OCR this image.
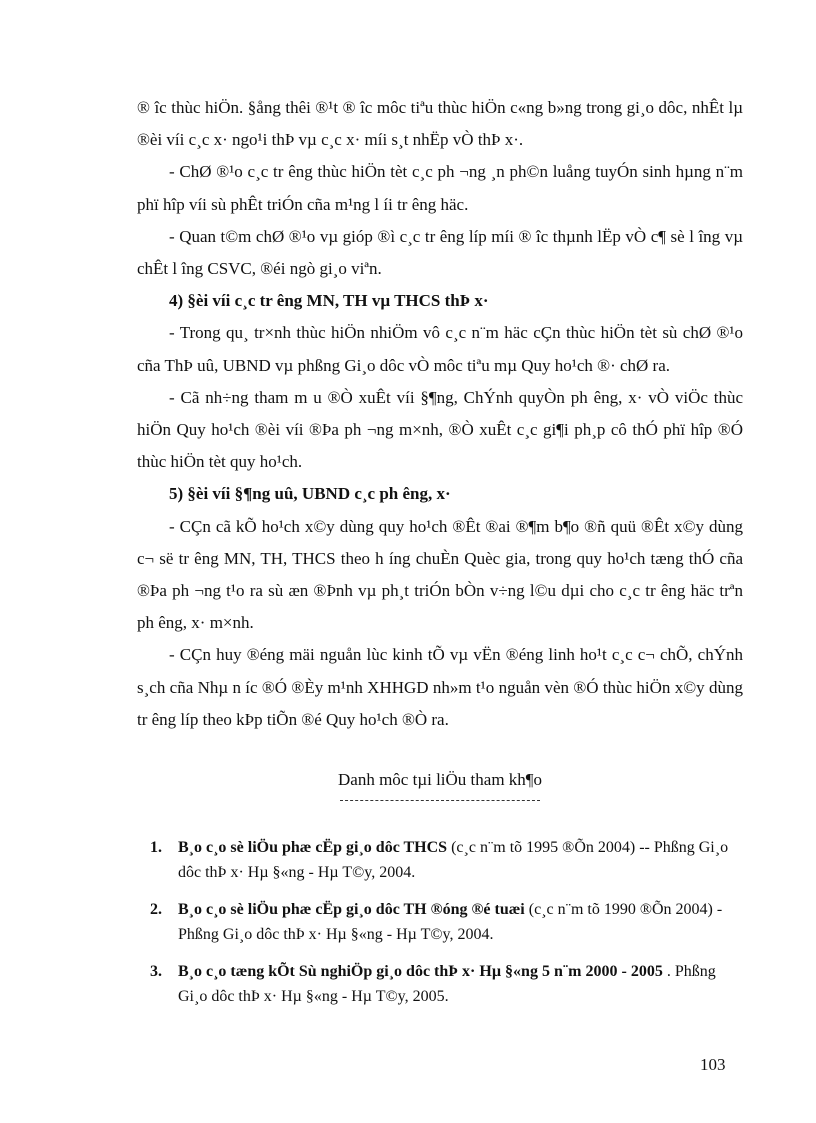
® îc thùc hiÖn. §ång thêi ®¹t ® îc môc tiªu thùc hiÖn c«ng b»ng trong gi¸o dôc, nhÊt lµ ®èi víi c¸c x· ngo¹i thÞ vµ c¸c x· míi s¸t nhËp vÒ thÞ x·.

- ChØ ®¹o c¸c tr êng thùc hiÖn tèt c¸c ph ¬ng ¸n ph©n luång tuyÓn sinh hµng n¨m phï hîp víi sù phÊt triÓn cña m¹ng l íi tr êng häc.

- Quan t©m chØ ®¹o vµ gióp ®ì c¸c tr êng líp míi ® îc thµnh lËp vÒ c¶ sè l îng vµ chÊt l îng CSVC, ®éi ngò gi¸o viªn.

4) §èi víi c¸c tr êng MN, TH vµ THCS thÞ x·

- Trong qu¸ tr×nh thùc hiÖn nhiÖm vô c¸c n¨m häc cÇn thùc hiÖn tèt sù chØ ®¹o cña ThÞ uû, UBND vµ phßng Gi¸o dôc vÒ môc tiªu mµ Quy ho¹ch ®· chØ ra.

- Cã nh÷ng tham m u ®Ò xuÊt víi §¶ng, ChÝnh quyÒn ph êng, x· vÒ viÖc thùc hiÖn Quy ho¹ch ®èi víi ®Þa ph ¬ng m×nh, ®Ò xuÊt c¸c gi¶i ph¸p cô thÓ phï hîp ®Ó thùc hiÖn tèt quy ho¹ch.

5) §èi víi §¶ng uû, UBND c¸c ph êng, x·

- CÇn cã kÕ ho¹ch x©y dùng quy ho¹ch ®Êt ®ai ®¶m b¶o ®ñ quü ®Êt x©y dùng c¬ së tr êng MN, TH, THCS theo h íng chuÈn Quèc gia, trong quy ho¹ch tæng thÓ cña ®Þa ph ¬ng t¹o ra sù æn ®Þnh vµ ph¸t triÓn bÒn v÷ng l©u dµi cho c¸c tr êng häc trªn ph êng, x· m×nh.

- CÇn huy ®éng mäi nguån lùc kinh tÕ vµ vËn ®éng linh ho¹t c¸c c¬ chÕ, chÝnh s¸ch cña Nhµ n íc ®Ó ®Èy m¹nh XHHGD nh»m t¹o nguån vèn ®Ó thùc hiÖn x©y dùng tr êng líp theo kÞp tiÕn ®é Quy ho¹ch ®Ò ra.

Danh môc tµi liÖu tham kh¶o
1. B¸o c¸o sè liÖu phæ cËp gi¸o dôc THCS (c¸c n¨m tõ 1995 ®Õn 2004) -- Phßng Gi¸o dôc thÞ x· Hµ §«ng - Hµ T©y, 2004.
2. B¸o c¸o sè liÖu phæ cËp gi¸o dôc TH ®óng ®é tuæi (c¸c n¨m tõ 1990 ®Õn 2004) - Phßng Gi¸o dôc thÞ x· Hµ §«ng - Hµ T©y, 2004.
3. B¸o c¸o tæng kÕt Sù nghiÖp gi¸o dôc thÞ x· Hµ §«ng 5 n¨m 2000 - 2005 . Phßng Gi¸o dôc thÞ x· Hµ §«ng - Hµ T©y, 2005.
103
